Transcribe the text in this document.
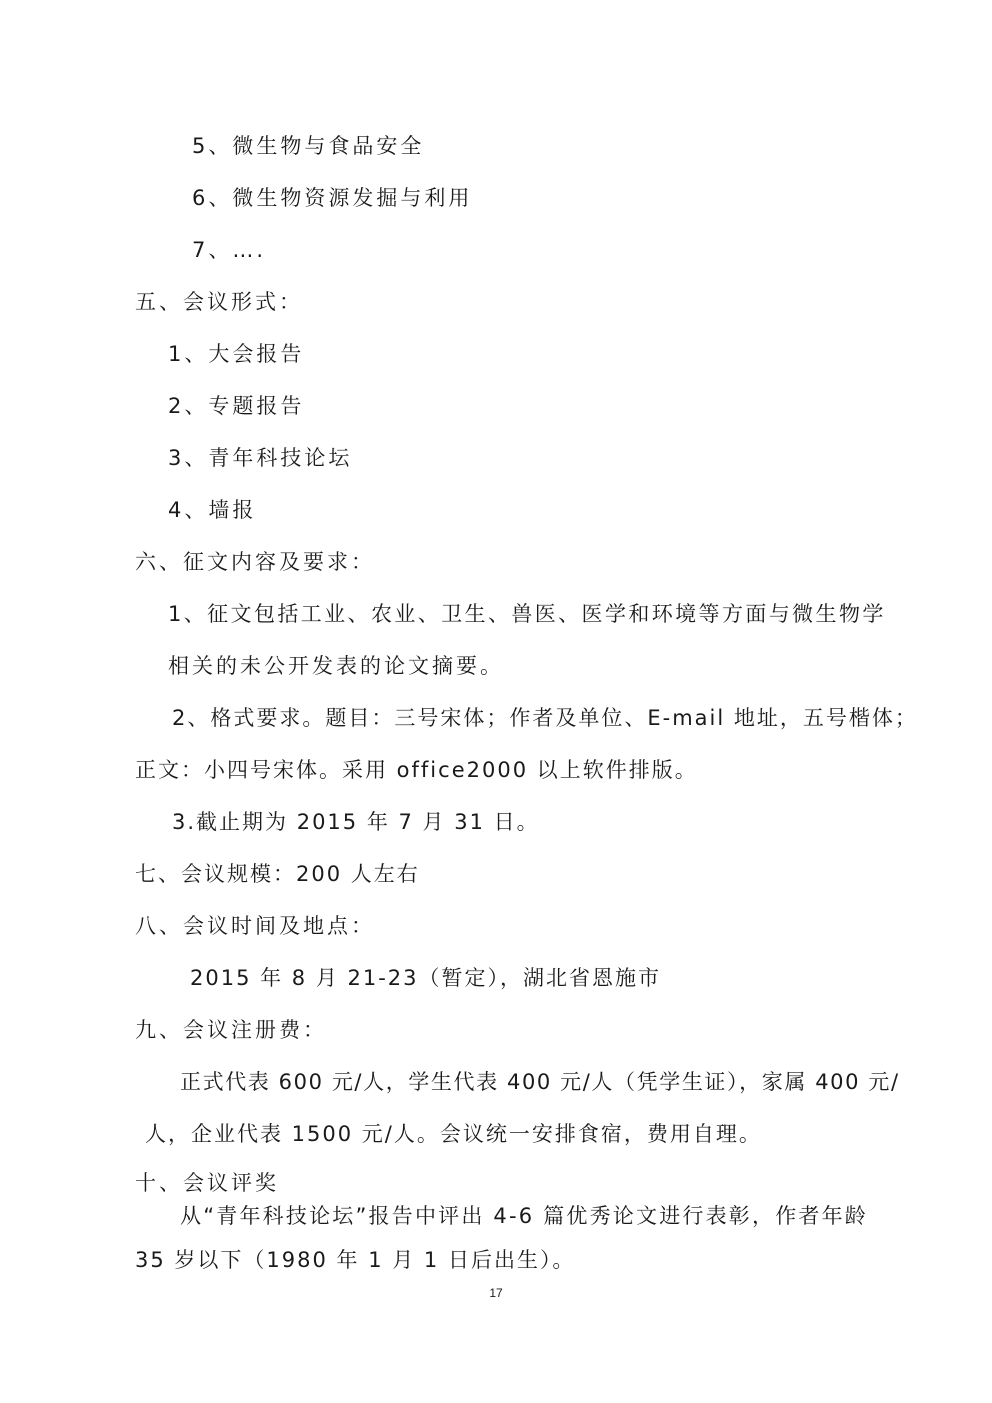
5、微生物与食品安全
6、微生物资源发掘与利用
7、….
五、会议形式：
1、大会报告
2、专题报告
3、青年科技论坛
4、墙报
六、征文内容及要求：
1、征文包括工业、农业、卫生、兽医、医学和环境等方面与微生物学
相关的未公开发表的论文摘要。
2、格式要求。题目：三号宋体；作者及单位、E-mail 地址，五号楷体；
正文：小四号宋体。采用 office2000 以上软件排版。
3.截止期为 2015 年 7 月 31 日。
七、会议规模：200 人左右
八、会议时间及地点：
2015 年 8 月 21-23（暂定），湖北省恩施市
九、会议注册费：
正式代表 600 元/人，学生代表 400 元/人（凭学生证），家属 400 元/
人，企业代表 1500 元/人。会议统一安排食宿，费用自理。
十、会议评奖
从“青年科技论坛”报告中评出 4-6 篇优秀论文进行表彰，作者年龄
35 岁以下（1980 年 1 月 1 日后出生）。
17
